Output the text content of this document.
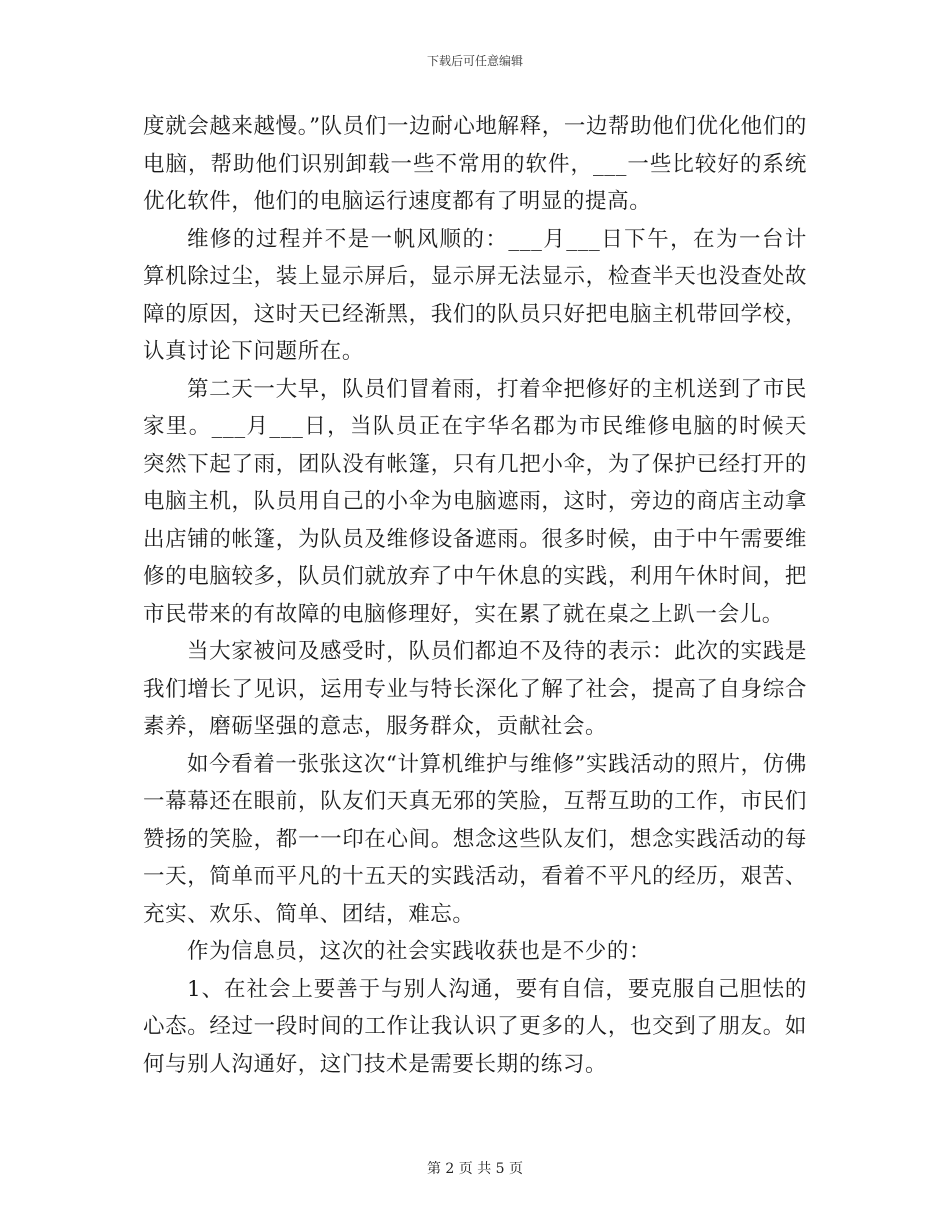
下载后可任意编辑

度就会越来越慢。”队员们一边耐心地解释，一边帮助他们优化他们的电脑，帮助他们识别卸载一些不常用的软件，___一些比较好的系统优化软件，他们的电脑运行速度都有了明显的提高。

维修的过程并不是一帆风顺的：___月___日下午，在为一台计算机除过尘，装上显示屏后，显示屏无法显示，检查半天也没查处故障的原因，这时天已经渐黑，我们的队员只好把电脑主机带回学校，认真讨论下问题所在。

第二天一大早，队员们冒着雨，打着伞把修好的主机送到了市民家里。___月___日，当队员正在宇华名郡为市民维修电脑的时候天突然下起了雨，团队没有帐篷，只有几把小伞，为了保护已经打开的电脑主机，队员用自己的小伞为电脑遮雨，这时，旁边的商店主动拿出店铺的帐篷，为队员及维修设备遮雨。很多时候，由于中午需要维修的电脑较多，队员们就放弃了中午休息的实践，利用午休时间，把市民带来的有故障的电脑修理好，实在累了就在桌之上趴一会儿。

当大家被问及感受时，队员们都迫不及待的表示：此次的实践是我们增长了见识，运用专业与特长深化了解了社会，提高了自身综合素养，磨砺坚强的意志，服务群众，贡献社会。

如今看着一张张这次“计算机维护与维修”实践活动的照片，仿佛一幕幕还在眼前，队友们天真无邪的笑脸，互帮互助的工作，市民们赞扬的笑脸，都一一印在心间。想念这些队友们，想念实践活动的每一天，简单而平凡的十五天的实践活动，看着不平凡的经历，艰苦、充实、欢乐、简单、团结，难忘。

作为信息员，这次的社会实践收获也是不少的：

1、在社会上要善于与别人沟通，要有自信，要克服自己胆怯的心态。经过一段时间的工作让我认识了更多的人，也交到了朋友。如何与别人沟通好，这门技术是需要长期的练习。

第 2 页 共 5 页
